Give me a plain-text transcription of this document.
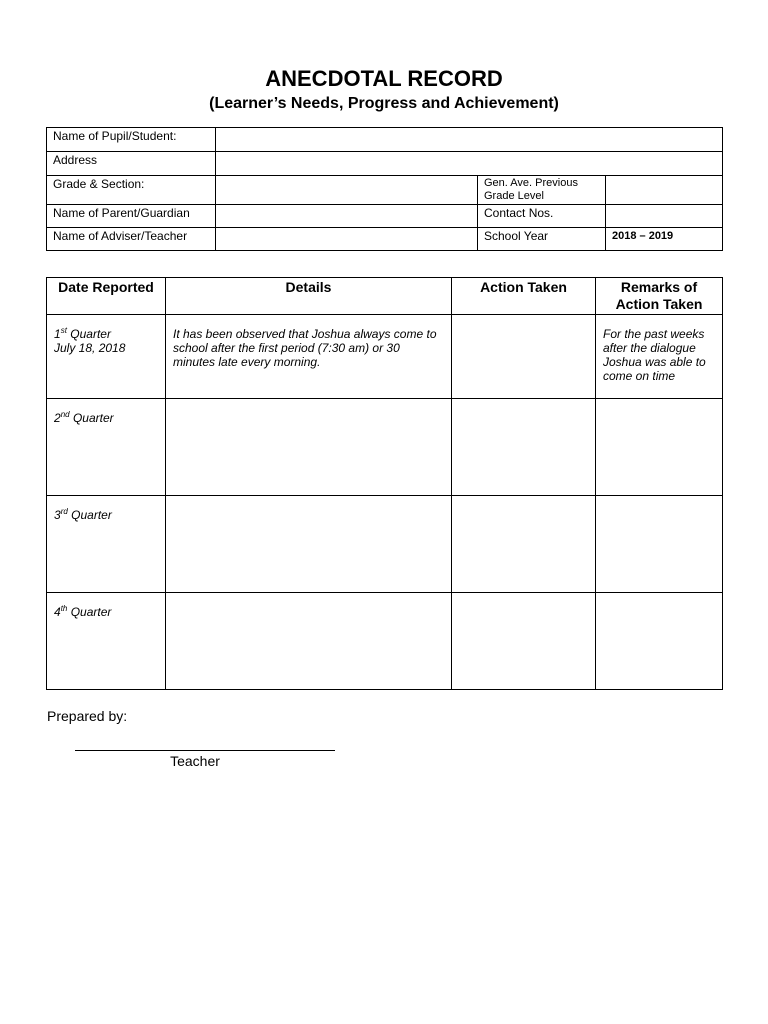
ANECDOTAL RECORD
(Learner’s Needs, Progress and Achievement)
Name of Pupil/Student:			
Address			
Grade & Section:		Gen. Ave. Previous Grade Level	
Name of Parent/Guardian		Contact Nos.	
Name of Adviser/Teacher		School Year	2018 – 2019
Date Reported	Details	Action Taken	Remarks of Action Taken
1st Quarter
July 18, 2018	It has been observed that Joshua always come to school after the first period (7:30 am) or 30 minutes late every morning.		For the past weeks after the dialogue Joshua was able to come on time
2nd Quarter

3rd Quarter

4th Quarter

Prepared by:
Teacher
